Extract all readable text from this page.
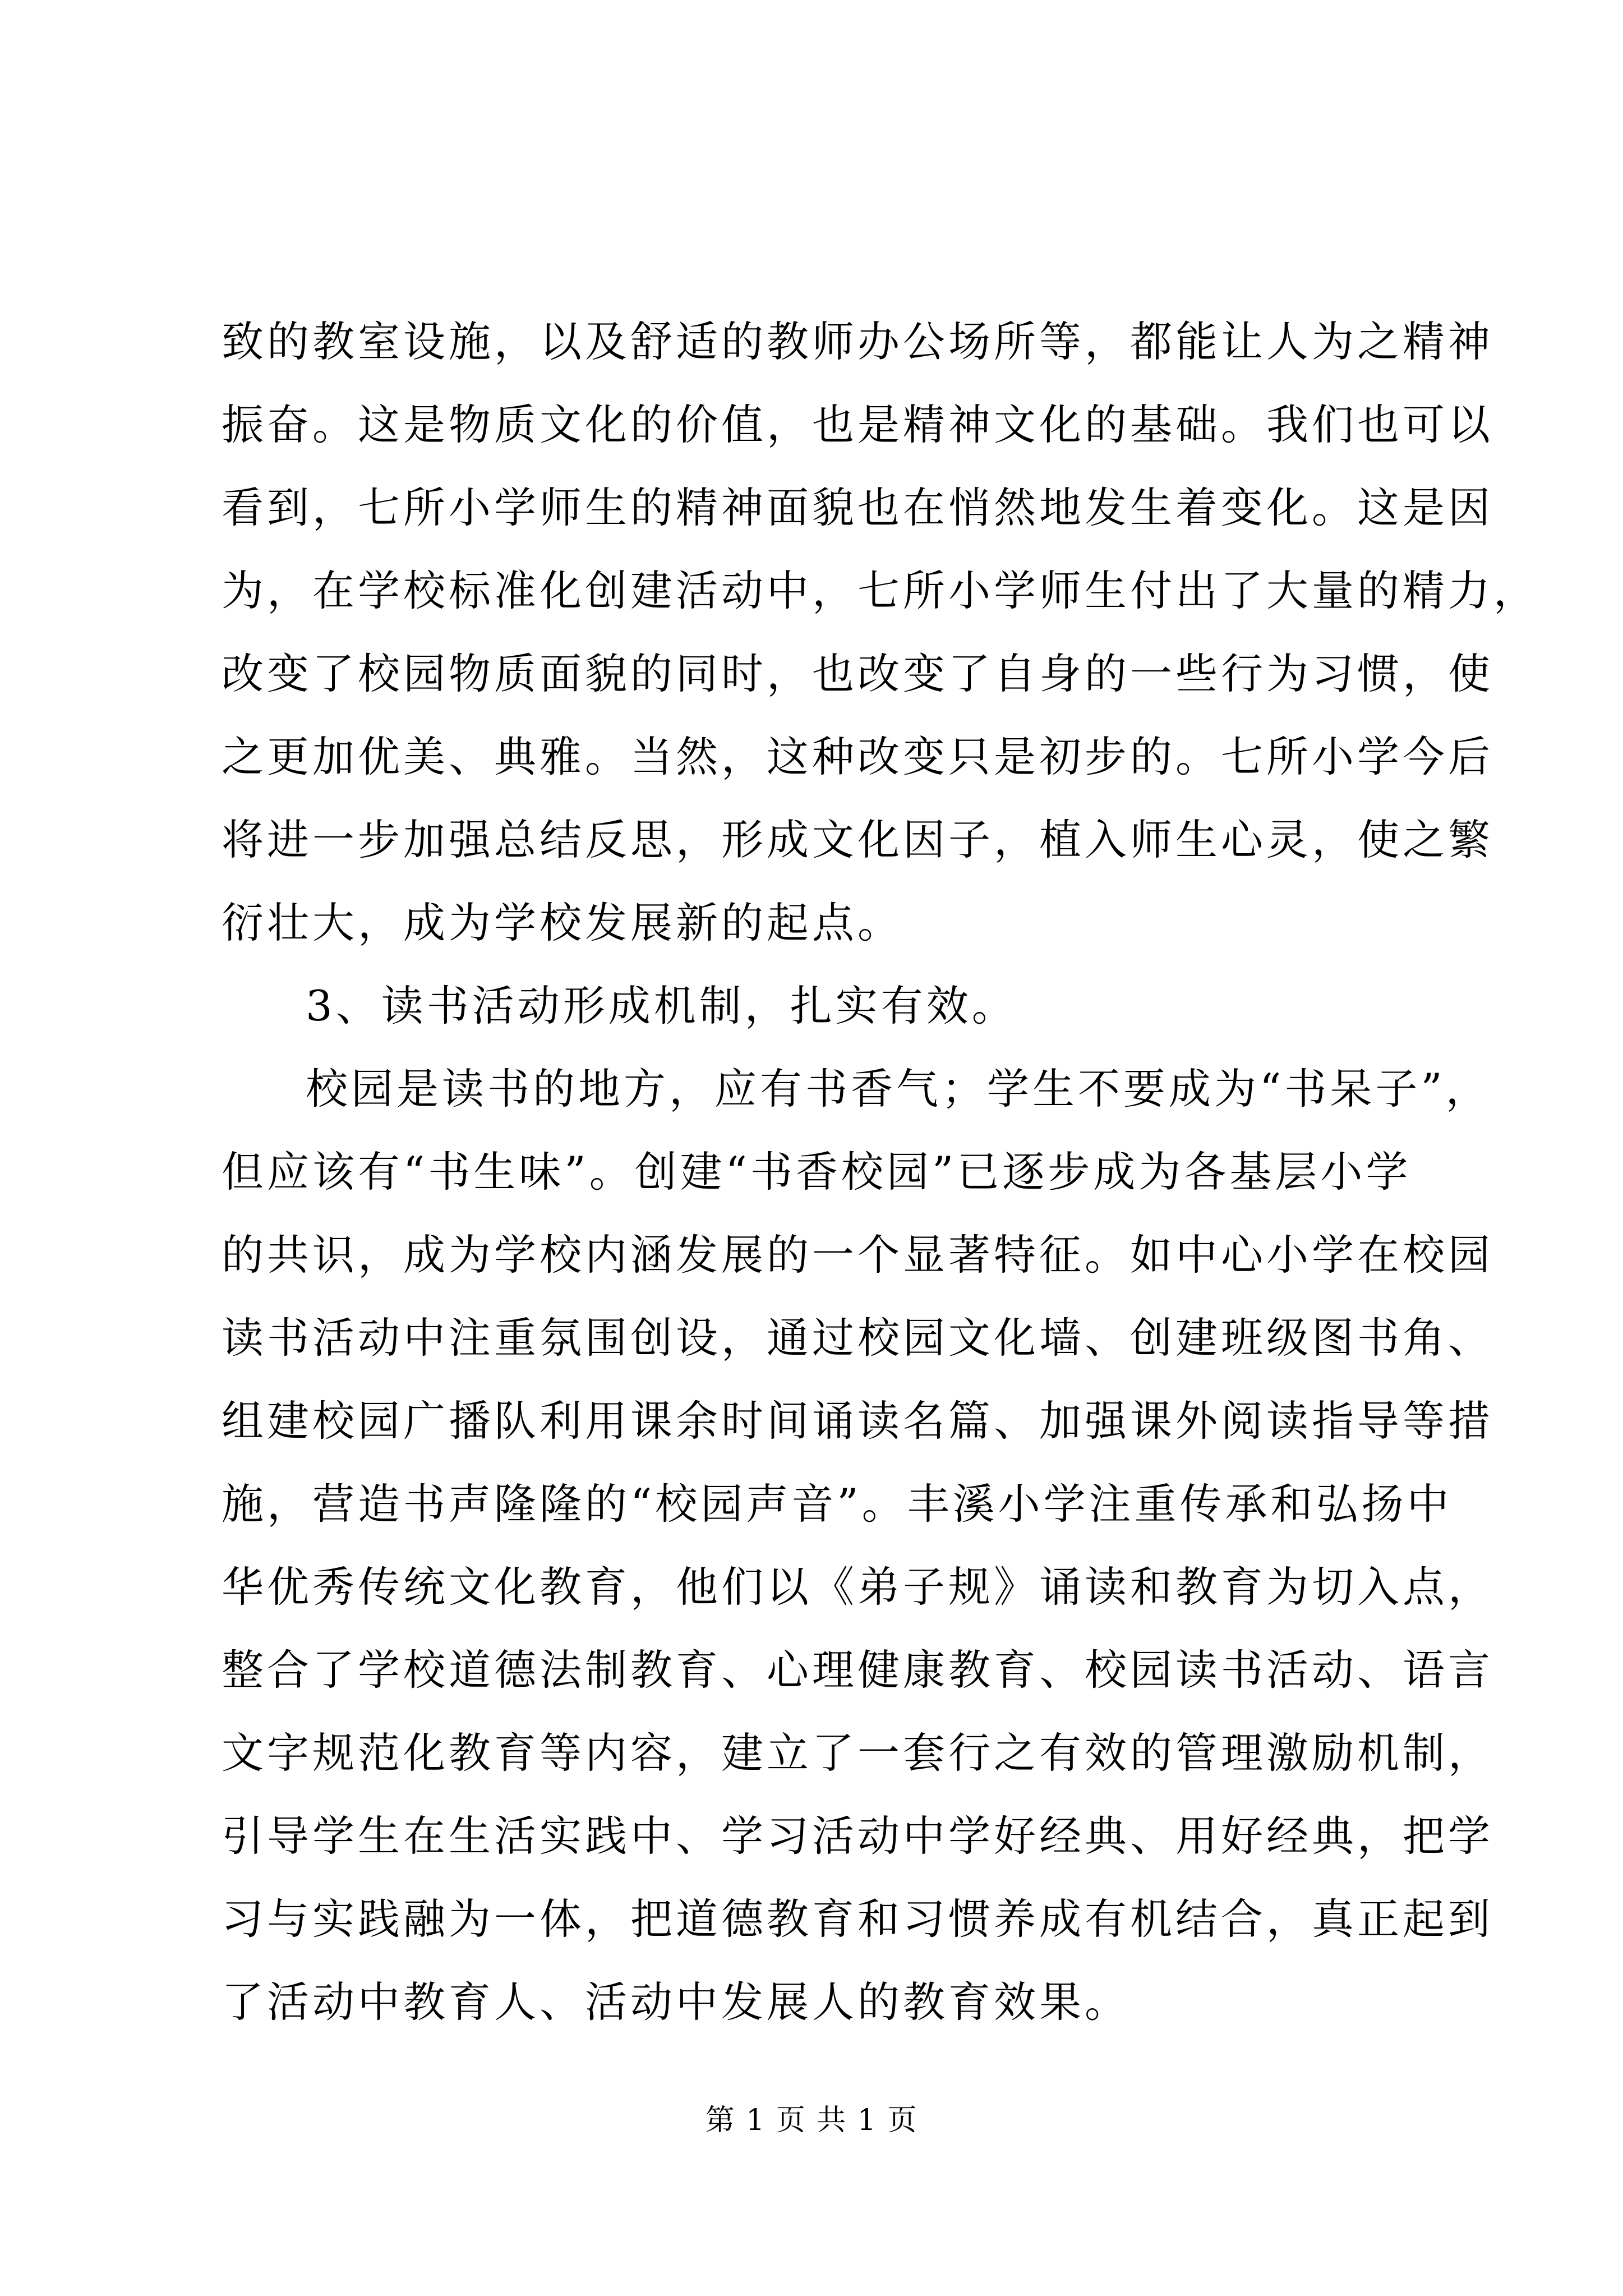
致的教室设施，以及舒适的教师办公场所等，都能让人为之精神
振奋。这是物质文化的价值，也是精神文化的基础。我们也可以
看到，七所小学师生的精神面貌也在悄然地发生着变化。这是因
为，在学校标准化创建活动中，七所小学师生付出了大量的精力，
改变了校园物质面貌的同时，也改变了自身的一些行为习惯，使
之更加优美、典雅。当然，这种改变只是初步的。七所小学今后
将进一步加强总结反思，形成文化因子，植入师生心灵，使之繁
衍壮大，成为学校发展新的起点。
3、读书活动形成机制，扎实有效。
校园是读书的地方，应有书香气；学生不要成为“书呆子”，
但应该有“书生味”。创建“书香校园”已逐步成为各基层小学
的共识，成为学校内涵发展的一个显著特征。如中心小学在校园
读书活动中注重氛围创设，通过校园文化墙、创建班级图书角、
组建校园广播队利用课余时间诵读名篇、加强课外阅读指导等措
施，营造书声隆隆的“校园声音”。丰溪小学注重传承和弘扬中
华优秀传统文化教育，他们以《弟子规》诵读和教育为切入点，
整合了学校道德法制教育、心理健康教育、校园读书活动、语言
文字规范化教育等内容，建立了一套行之有效的管理激励机制，
引导学生在生活实践中、学习活动中学好经典、用好经典，把学
习与实践融为一体，把道德教育和习惯养成有机结合，真正起到
了活动中教育人、活动中发展人的教育效果。
第 1 页 共 1 页
